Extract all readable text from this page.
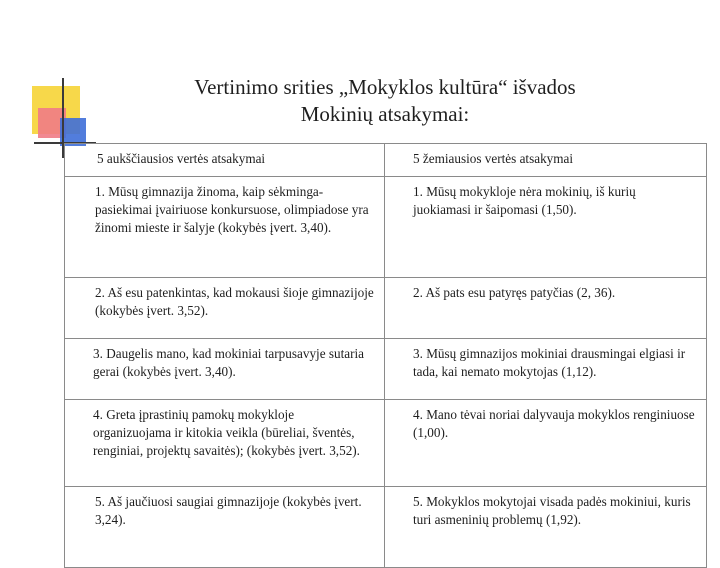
Vertinimo srities „Mokyklos kultūra“ išvados
Mokinių atsakymai:
5 aukščiausios vertės atsakymai	5 žemiausios vertės atsakymai
1. Mūsų gimnazija žinoma, kaip sėkminga-pasiekimai įvairiuose konkursuose, olimpiadose yra žinomi mieste ir šalyje (kokybės įvert. 3,40).	1. Mūsų mokykloje nėra mokinių, iš kurių juokiamasi ir šaipomasi (1,50).
2. Aš esu patenkintas, kad mokausi šioje gimnazijoje (kokybės įvert. 3,52).	2. Aš pats esu patyręs patyčias (2, 36).
3. Daugelis mano, kad mokiniai tarpusavyje sutaria gerai (kokybės įvert. 3,40).	3. Mūsų gimnazijos mokiniai drausmingai elgiasi ir tada, kai nemato mokytojas (1,12).
4. Greta įprastinių pamokų mokykloje organizuojama ir kitokia veikla (būreliai, šventės, renginiai, projektų savaitės); (kokybės įvert. 3,52).	4. Mano tėvai noriai dalyvauja mokyklos renginiuose (1,00).
5. Aš jaučiuosi saugiai gimnazijoje (kokybės įvert. 3,24).	5. Mokyklos mokytojai visada padės mokiniui, kuris turi asmeninių problemų (1,92).
